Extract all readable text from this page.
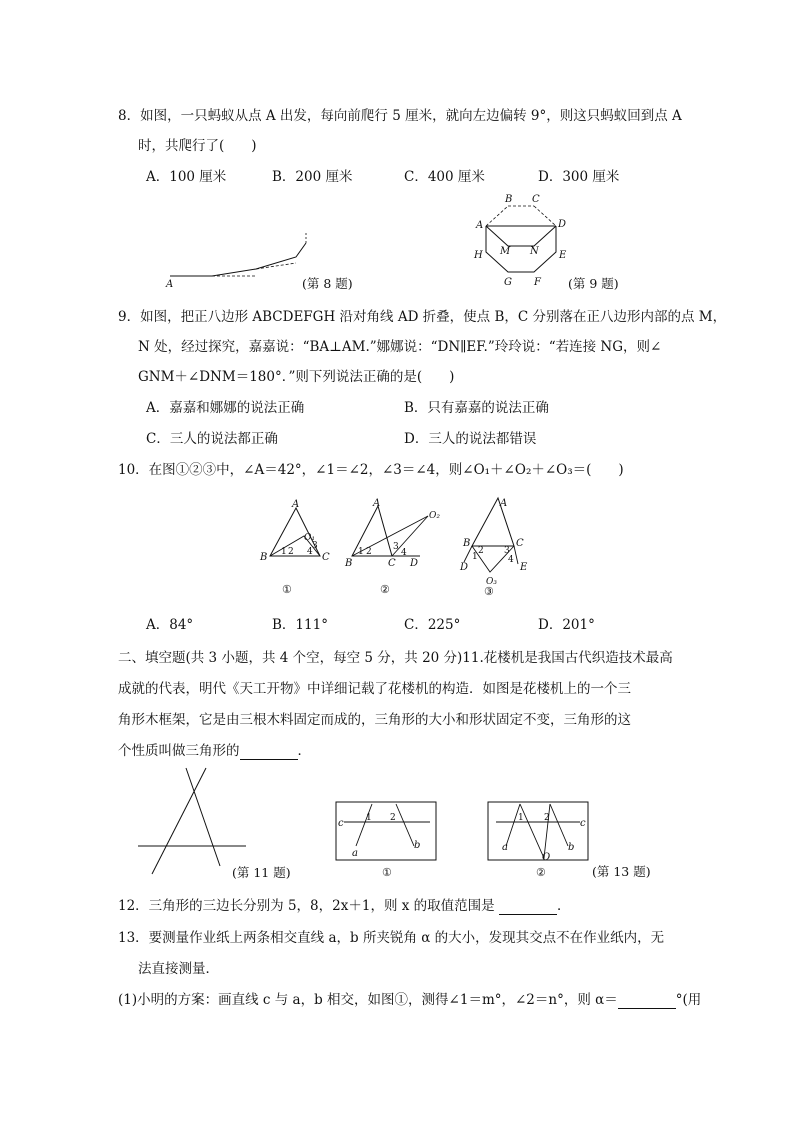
8．如图，一只蚂蚁从点 A 出发，每向前爬行 5 厘米，就向左边偏转 9°，则这只蚂蚁回到点 A
时，共爬行了(　　)
A．100 厘米	B．200 厘米	C．400 厘米	D．300 厘米
A	(第 8 题)
B C
A	D
M N
H	E
G F (第 9 题)
9．如图，把正八边形 ABCDEFGH 沿对角线 AD 折叠，使点 B，C 分别落在正八边形内部的点 M，
N 处，经过探究，嘉嘉说：“BA⊥AM.”娜娜说：“DN∥EF.”玲玲说：“若连接 NG，则∠
GNM＋∠DNM＝180°．”则下列说法正确的是(　　)
A．嘉嘉和娜娜的说法正确	B．只有嘉嘉的说法正确
C．三人的说法都正确	D．三人的说法都错误
10．在图①②③中，∠A＝42°，∠1＝∠2，∠3＝∠4，则∠O₁＋∠O₂＋∠O₃＝(　　)
A
B	C
O₁
1 2
3
4
①
A
B	C D
O₂
1 2 3
4
②
A
B	C
D	E
O₃
1
2 3
4
③
A．84°	B．111°	C．225°	D．201°
二、填空题(共 3 小题，共 4 个空，每空 5 分，共 20 分)11.花楼机是我国古代织造技术最高
成就的代表，明代《天工开物》中详细记载了花楼机的构造．如图是花楼机上的一个三
角形木框架，它是由三根木料固定而成的，三角形的大小和形状固定不变，三角形的这
个性质叫做三角形的	．
(第 11 题)
c 1 2
a
b
①
c
1 2
a	b
O
②	(第 13 题)
12．三角形的三边长分别为 5，8，2x＋1，则 x 的取值范围是	．
13．要测量作业纸上两条相交直线 a，b 所夹锐角 α 的大小，发现其交点不在作业纸内，无
法直接测量．
(1)小明的方案：画直线 c 与 a，b 相交，如图①，测得∠1＝m°，∠2＝n°，则 α＝	°(用
